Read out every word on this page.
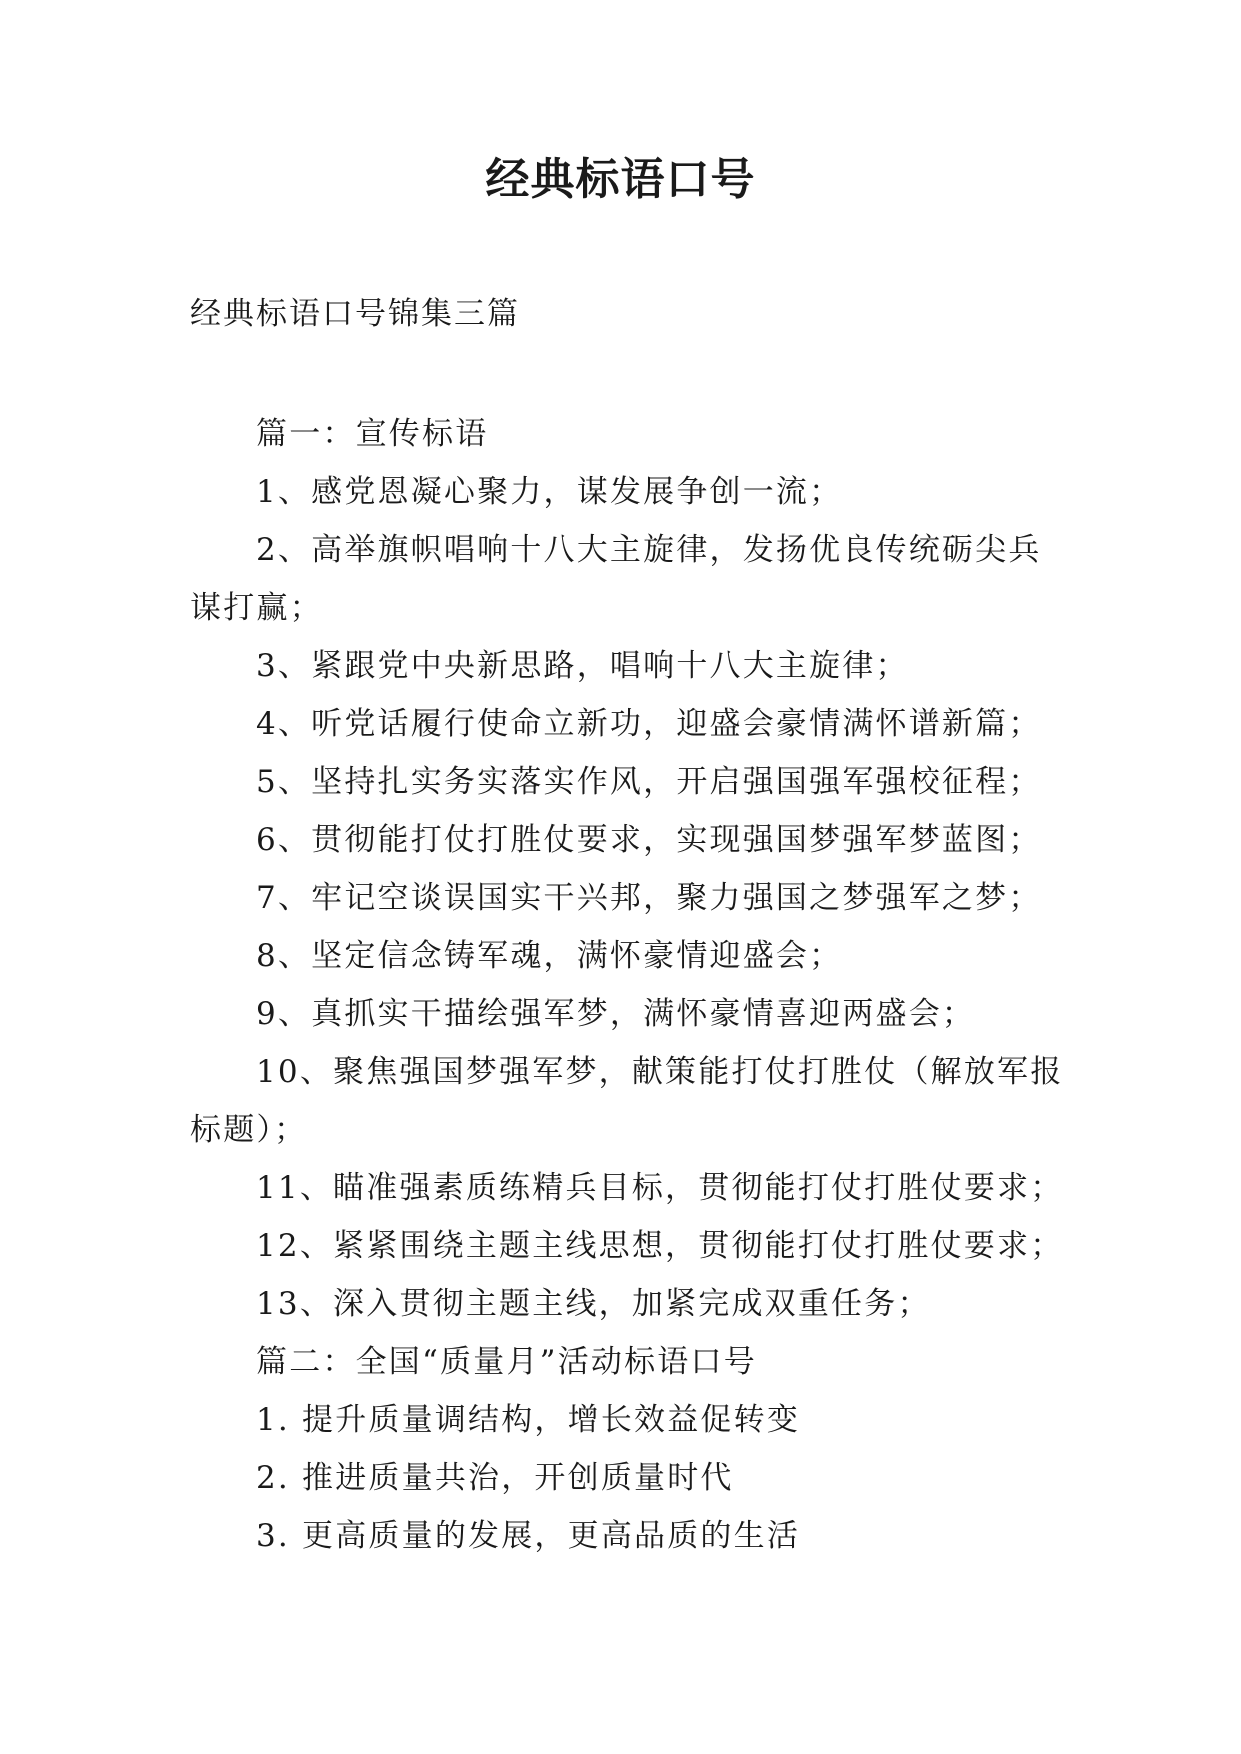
经典标语口号
经典标语口号锦集三篇

篇一：宣传标语

1、感党恩凝心聚力，谋发展争创一流；

2、高举旗帜唱响十八大主旋律，发扬优良传统砺尖兵谋打赢；

3、紧跟党中央新思路，唱响十八大主旋律；

4、听党话履行使命立新功，迎盛会豪情满怀谱新篇；

5、坚持扎实务实落实作风，开启强国强军强校征程；

6、贯彻能打仗打胜仗要求，实现强国梦强军梦蓝图；

7、牢记空谈误国实干兴邦，聚力强国之梦强军之梦；

8、坚定信念铸军魂，满怀豪情迎盛会；

9、真抓实干描绘强军梦，满怀豪情喜迎两盛会；

10、聚焦强国梦强军梦，献策能打仗打胜仗（解放军报标题）；

11、瞄准强素质练精兵目标，贯彻能打仗打胜仗要求；

12、紧紧围绕主题主线思想，贯彻能打仗打胜仗要求；

13、深入贯彻主题主线，加紧完成双重任务；

篇二：全国“质量月”活动标语口号

1. 提升质量调结构，增长效益促转变

2. 推进质量共治，开创质量时代

3. 更高质量的发展，更高品质的生活
